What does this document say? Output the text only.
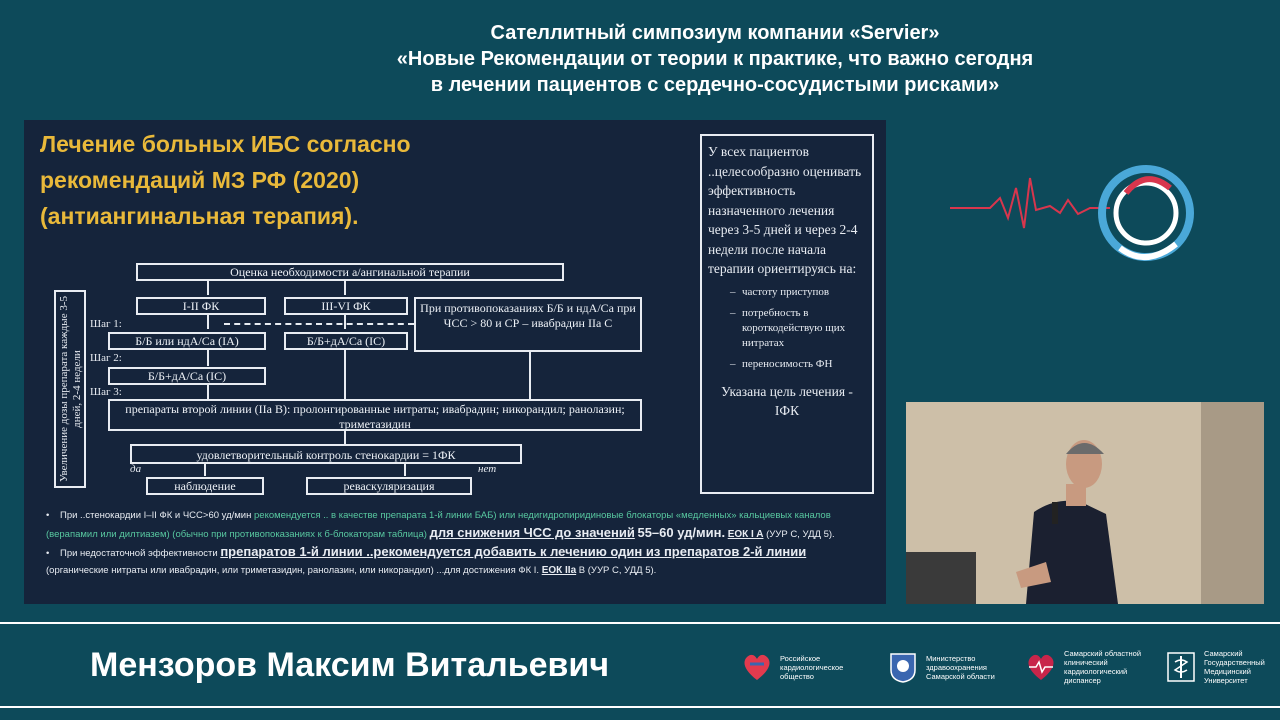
Сателлитный симпозиум компании «Servier»
«Новые Рекомендации от теории к практике, что важно сегодня
в лечении пациентов с сердечно-сосудистыми рисками»
Лечение больных ИБС согласно
рекомендаций МЗ РФ (2020)
(антиангинальная терапия).
Оценка необходимости а/ангинальной терапии
I-II ФК	III-VI ФК	При противопоказаниях Б/Б и ндА/Са при ЧСС > 80 и СР – ивабрадин IIa C
Шаг 1:
Шаг 2:
Шаг 3:
Б/Б или ндА/Са (IA)	Б/Б+дА/Са (IC)
Б/Б+дА/Са (IC)
препараты второй линии (IIa B): пролонгированные нитраты; ивабрадин; никорандил; ранолазин; триметазидин
удовлетворительный контроль стенокардии = 1ФК
да	нет
наблюдение	реваскуляризация
Увеличение дозы препарата каждые 3-5 дней, 2-4 недели
У всех пациентов ..целесообразно оценивать эффективность назначенного лечения через 3-5 дней и через 2-4 недели после начала терапии ориентируясь на:
– частоту приступов
– потребность в короткодействую щих нитратах
– переносимость ФН
Указана цель лечения - IФК
• При ..стенокардии I–II ФК и ЧСС>60 уд/мин рекомендуется .. в качестве препарата 1-й линии БАБ) или недигидропиридиновые блокаторы «медленных» кальциевых каналов (верапамил или дилтиазем) (обычно при противопоказаниях к б-блокаторам таблица) для снижения ЧСС до значений 55–60 уд/мин. ЕОК I A (УУР C, УДД 5).
• При недостаточной эффективности препаратов 1-й линии ..рекомендуется добавить к лечению один из препаратов 2-й линии (органические нитраты или ивабрадин, или триметазидин, ранолазин, или никорандил) ...для достижения ФК I. ЕОК IIa В (УУР C, УДД 5).
Мензоров Максим Витальевич	Российское кардиологическое общество
Министерство здравоохранения Самарской области
Самарский областной клинический кардиологический диспансер
Самарский Государственный Медицинский Университет
